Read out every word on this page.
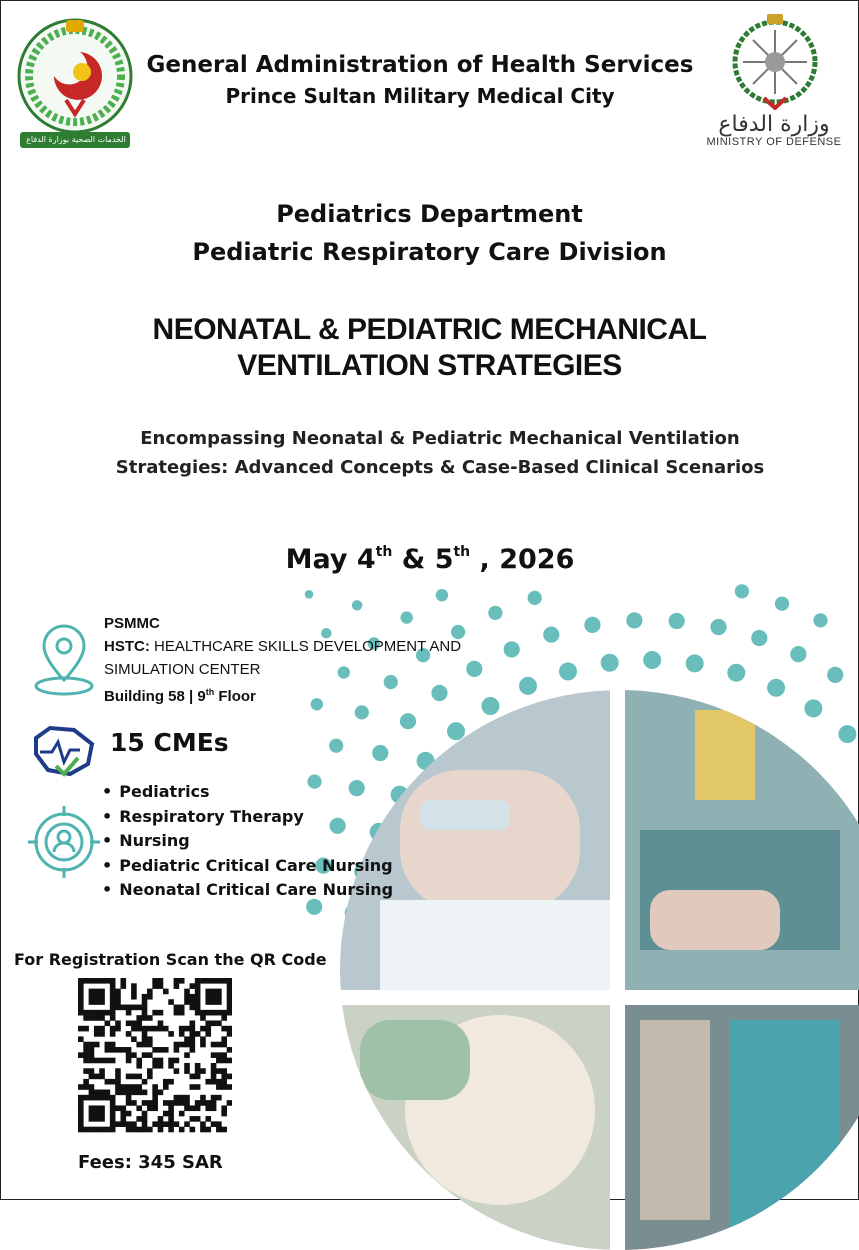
الخدمات الصحية بوزارة الدفاع
وزارة الدفاع
MINISTRY OF DEFENSE
General Administration of Health Services
Prince Sultan Military Medical City
Pediatrics Department
Pediatric Respiratory Care Division
NEONATAL & PEDIATRIC MECHANICAL
VENTILATION STRATEGIES
Encompassing Neonatal & Pediatric Mechanical Ventilation
Strategies: Advanced Concepts & Case-Based Clinical Scenarios
May 4th & 5th , 2026
PSMMC
HSTC: HEALTHCARE SKILLS DEVELOPMENT AND
SIMULATION CENTER
Building 58 | 9th Floor
15 CMEs
• Pediatrics
• Respiratory Therapy
• Nursing
• Pediatric Critical Care Nursing
• Neonatal Critical Care Nursing
For Registration Scan the QR Code
Fees: 345 SAR
